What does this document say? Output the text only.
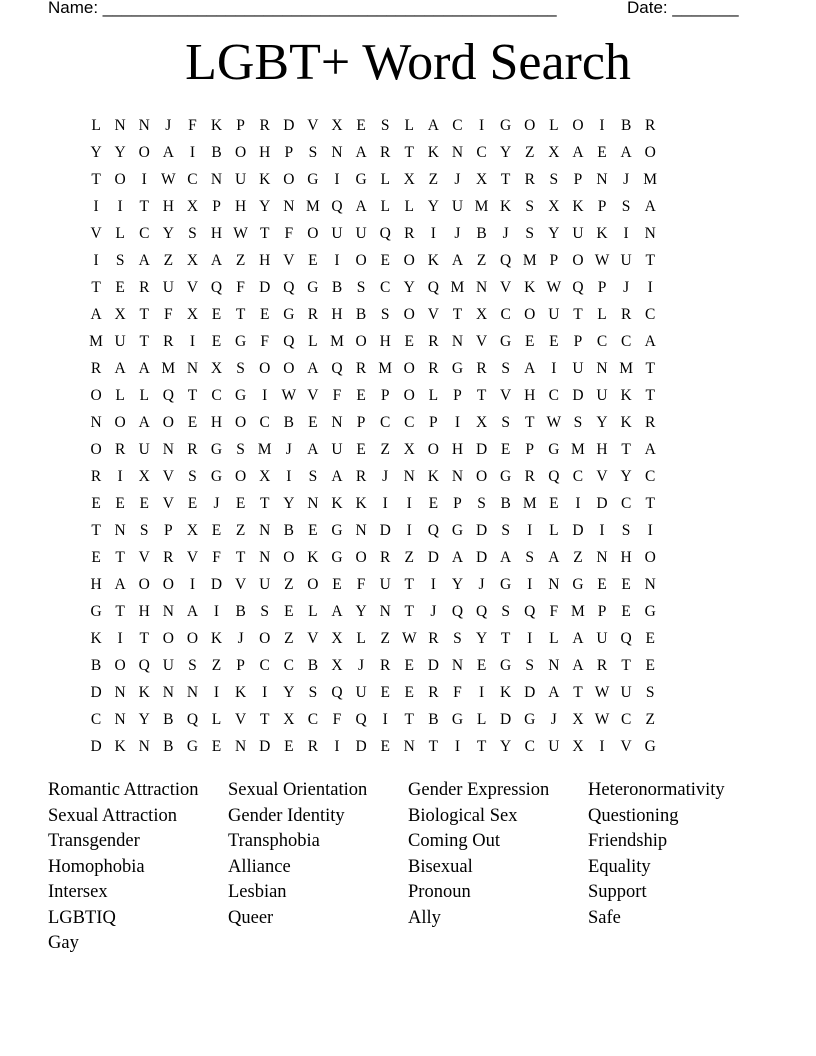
Name: ________________________________________________	Date: _______
LGBT+ Word Search
L N N J	F K P R D V X E S L A C	I	G O L O	I	B R
Y Y O A	I	B O H P S N A R T K N C Y Z X A E A O
T O	I W C N U K O G	I	G L X Z	J X T R S P N J M
I	I	T H X P H Y N M Q A L L Y U M K S X K P S A
V L C Y S H W T F O U U Q R	I	J	B	J	S Y U K	I	N
I	S A Z X A Z H V E	I	O E O K A Z Q M P O W U T
T E R U V Q F D Q G B S C Y Q M N V K W Q P	J	I
A X T F X E T E G R H B S O V T X C O U T L R C
M U T R	I	E G F Q L M O H E R N V G E E P C C A
R A A M N X S O O A Q R M O R G R S A	I	U N M T
O L L Q T C G	I W V F E P O L P T V H C D U K T
N O A O E H O C B E N P C C P	I	X S T W S Y K R
O R U N R G S M J A U E Z X O H D E P G M H T A
R	I	X V S G O X	I	S A R	J N K N O G R Q C V Y C
E E E V E	J	E T Y N K K	I	I	E P S B M E	I	D C T
T N S P X E Z N B E G N D	I	Q G D S	I	L D	I	S	I
E T V R V F T N O K G O R Z D A D A S A Z N H O
H A O O	I	D V U Z O E F U T	I	Y J G	I	N G E E N
G T H N A	I	B S E L A Y N T	J Q Q S Q F M P E G
K	I	T O O K J O Z V X L Z W R S Y T	I	L A U Q E
B O Q U S Z P C C B X J	R E D N E G S N A R T E
D N K N N	I	K	I	Y S Q U E E R F	I	K D A T W U S
C N Y B Q L V T X C F Q	I	T B G L D G J X W C Z
D K N B G E N D E R	I	D E N T	I	T Y C U X	I	V G
Romantic Attraction	Sexual Orientation	Gender Expression	Heteronormativity
Sexual Attraction	Gender Identity	Biological Sex	Questioning
Transgender	Transphobia	Coming Out	Friendship
Homophobia	Alliance	Bisexual	Equality
Intersex	Lesbian	Pronoun	Support
LGBTIQ	Queer	Ally	Safe
Gay
